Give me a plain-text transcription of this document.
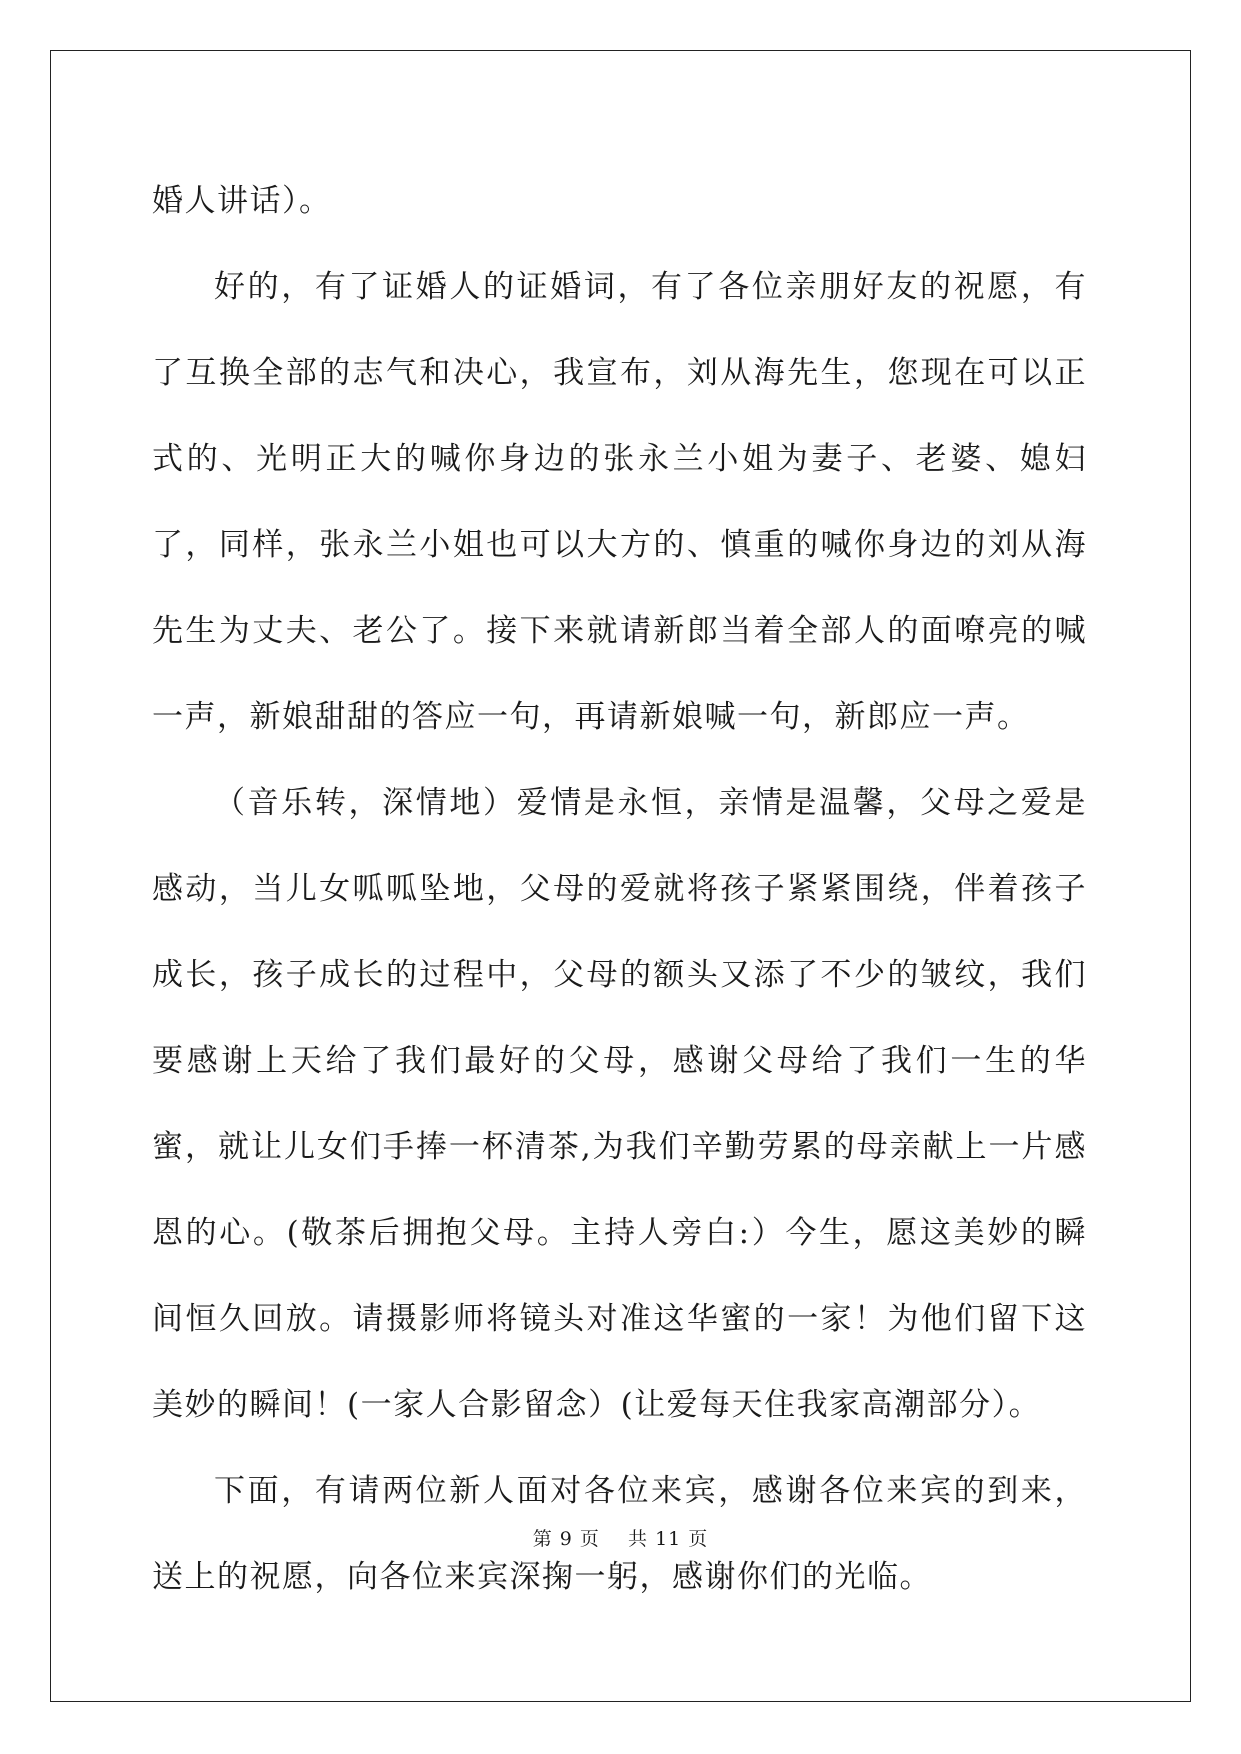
婚人讲话）。

好的，有了证婚人的证婚词，有了各位亲朋好友的祝愿，有了互换全部的志气和决心，我宣布，刘从海先生，您现在可以正式的、光明正大的喊你身边的张永兰小姐为妻子、老婆、媳妇了，同样，张永兰小姐也可以大方的、慎重的喊你身边的刘从海先生为丈夫、老公了。接下来就请新郎当着全部人的面嘹亮的喊一声，新娘甜甜的答应一句，再请新娘喊一句，新郎应一声。

（音乐转，深情地）爱情是永恒，亲情是温馨，父母之爱是感动，当儿女呱呱坠地，父母的爱就将孩子紧紧围绕，伴着孩子成长，孩子成长的过程中，父母的额头又添了不少的皱纹，我们要感谢上天给了我们最好的父母，感谢父母给了我们一生的华蜜，就让儿女们手捧一杯清茶,为我们辛勤劳累的母亲献上一片感恩的心。(敬茶后拥抱父母。主持人旁白:）今生，愿这美妙的瞬间恒久回放。请摄影师将镜头对准这华蜜的一家！为他们留下这美妙的瞬间！(一家人合影留念）(让爱每天住我家高潮部分）。

下面，有请两位新人面对各位来宾，感谢各位来宾的到来，送上的祝愿，向各位来宾深掬一躬，感谢你们的光临。

第 9 页 共 11 页
